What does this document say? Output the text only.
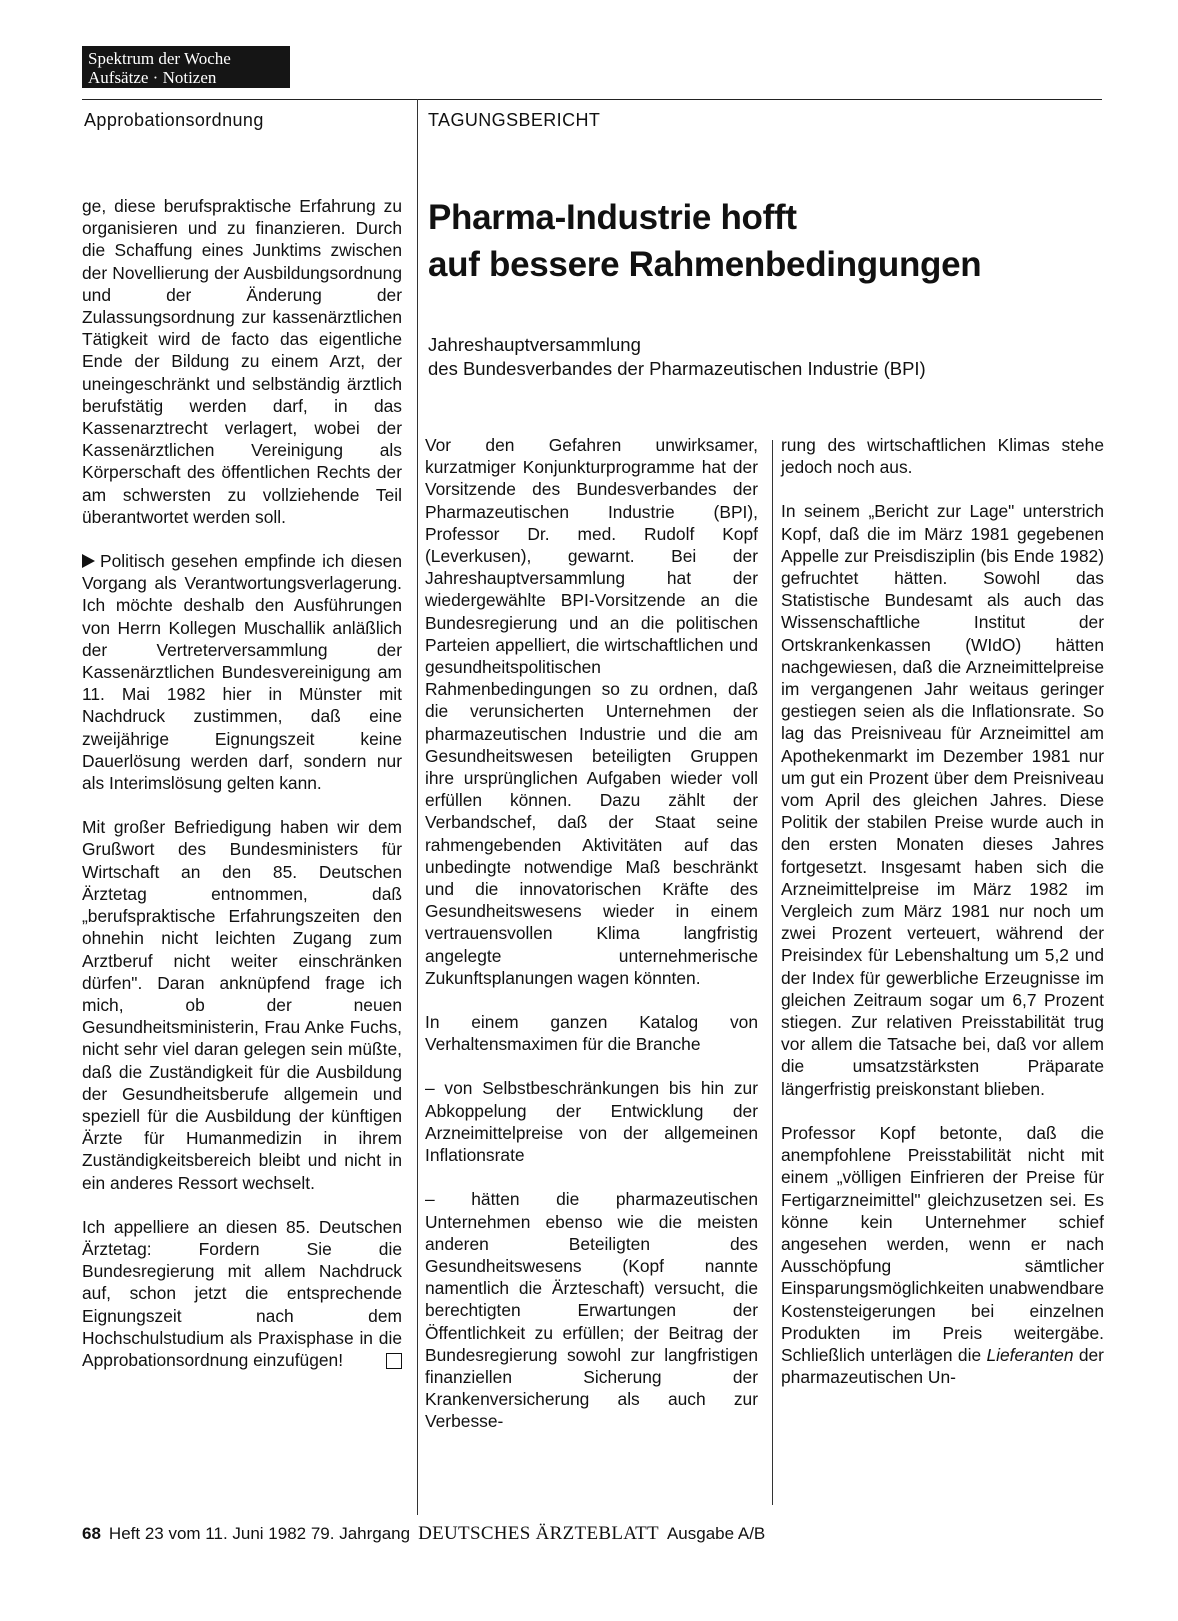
Spektrum der Woche
Aufsätze · Notizen
Approbationsordnung	TAGUNGSBERICHT
Pharma-Industrie hofft
auf bessere Rahmenbedingungen
Jahreshauptversammlung
des Bundesverbandes der Pharmazeutischen Industrie (BPI)

ge, diese berufspraktische Erfahrung zu organisieren und zu finanzieren. Durch die Schaffung eines Junktims zwischen der Novellierung der Ausbildungsordnung und der Änderung der Zulassungsordnung zur kassenärztlichen Tätigkeit wird de facto das eigentliche Ende der Bildung zu einem Arzt, der uneingeschränkt und selbständig ärztlich berufstätig werden darf, in das Kassenarztrecht verlagert, wobei der Kassenärztlichen Vereinigung als Körperschaft des öffentlichen Rechts der am schwersten zu vollziehende Teil überantwortet werden soll.

Politisch gesehen empfinde ich diesen Vorgang als Verantwortungsverlagerung. Ich möchte deshalb den Ausführungen von Herrn Kollegen Muschallik anläßlich der Vertreterversammlung der Kassenärztlichen Bundesvereinigung am 11. Mai 1982 hier in Münster mit Nachdruck zustimmen, daß eine zweijährige Eignungszeit keine Dauerlösung werden darf, sondern nur als Interimslösung gelten kann.

Mit großer Befriedigung haben wir dem Grußwort des Bundesministers für Wirtschaft an den 85. Deutschen Ärztetag entnommen, daß „berufspraktische Erfahrungszeiten den ohnehin nicht leichten Zugang zum Arztberuf nicht weiter einschränken dürfen". Daran anknüpfend frage ich mich, ob der neuen Gesundheitsministerin, Frau Anke Fuchs, nicht sehr viel daran gelegen sein müßte, daß die Zuständigkeit für die Ausbildung der Gesundheitsberufe allgemein und speziell für die Ausbildung der künftigen Ärzte für Humanmedizin in ihrem Zuständigkeitsbereich bleibt und nicht in ein anderes Ressort wechselt.

Ich appelliere an diesen 85. Deutschen Ärztetag: Fordern Sie die Bundesregierung mit allem Nachdruck auf, schon jetzt die entsprechende Eignungszeit nach dem Hochschulstudium als Praxisphase in die Approbationsordnung einzufügen!

Vor den Gefahren unwirksamer, kurzatmiger Konjunkturprogramme hat der Vorsitzende des Bundesverbandes der Pharmazeutischen Industrie (BPI), Professor Dr. med. Rudolf Kopf (Leverkusen), gewarnt. Bei der Jahreshauptversammlung hat der wiedergewählte BPI-Vorsitzende an die Bundesregierung und an die politischen Parteien appelliert, die wirtschaftlichen und gesundheitspolitischen Rahmenbedingungen so zu ordnen, daß die verunsicherten Unternehmen der pharmazeutischen Industrie und die am Gesundheitswesen beteiligten Gruppen ihre ursprünglichen Aufgaben wieder voll erfüllen können. Dazu zählt der Verbandschef, daß der Staat seine rahmengebenden Aktivitäten auf das unbedingte notwendige Maß beschränkt und die innovatorischen Kräfte des Gesundheitswesens wieder in einem vertrauensvollen Klima langfristig angelegte unternehmerische Zukunftsplanungen wagen könnten.

In einem ganzen Katalog von Verhaltensmaximen für die Branche

– von Selbstbeschränkungen bis hin zur Abkoppelung der Entwicklung der Arzneimittelpreise von der allgemeinen Inflationsrate

– hätten die pharmazeutischen Unternehmen ebenso wie die meisten anderen Beteiligten des Gesundheitswesens (Kopf nannte namentlich die Ärzteschaft) versucht, die berechtigten Erwartungen der Öffentlichkeit zu erfüllen; der Beitrag der Bundesregierung sowohl zur langfristigen finanziellen Sicherung der Krankenversicherung als auch zur Verbesse-

rung des wirtschaftlichen Klimas stehe jedoch noch aus.

In seinem „Bericht zur Lage" unterstrich Kopf, daß die im März 1981 gegebenen Appelle zur Preisdisziplin (bis Ende 1982) gefruchtet hätten. Sowohl das Statistische Bundesamt als auch das Wissenschaftliche Institut der Ortskrankenkassen (WIdO) hätten nachgewiesen, daß die Arzneimittelpreise im vergangenen Jahr weitaus geringer gestiegen seien als die Inflationsrate. So lag das Preisniveau für Arzneimittel am Apothekenmarkt im Dezember 1981 nur um gut ein Prozent über dem Preisniveau vom April des gleichen Jahres. Diese Politik der stabilen Preise wurde auch in den ersten Monaten dieses Jahres fortgesetzt. Insgesamt haben sich die Arzneimittelpreise im März 1982 im Vergleich zum März 1981 nur noch um zwei Prozent verteuert, während der Preisindex für Lebenshaltung um 5,2 und der Index für gewerbliche Erzeugnisse im gleichen Zeitraum sogar um 6,7 Prozent stiegen. Zur relativen Preisstabilität trug vor allem die Tatsache bei, daß vor allem die umsatzstärksten Präparate längerfristig preiskonstant blieben.

Professor Kopf betonte, daß die anempfohlene Preisstabilität nicht mit einem „völligen Einfrieren der Preise für Fertigarzneimittel" gleichzusetzen sei. Es könne kein Unternehmer schief angesehen werden, wenn er nach Ausschöpfung sämtlicher Einsparungsmöglichkeiten unabwendbare Kostensteigerungen bei einzelnen Produkten im Preis weitergäbe. Schließlich unterlägen die Lieferanten der pharmazeutischen Un-

68 Heft 23 vom 11. Juni 1982 79. Jahrgang DEUTSCHES ÄRZTEBLATT Ausgabe A/B
